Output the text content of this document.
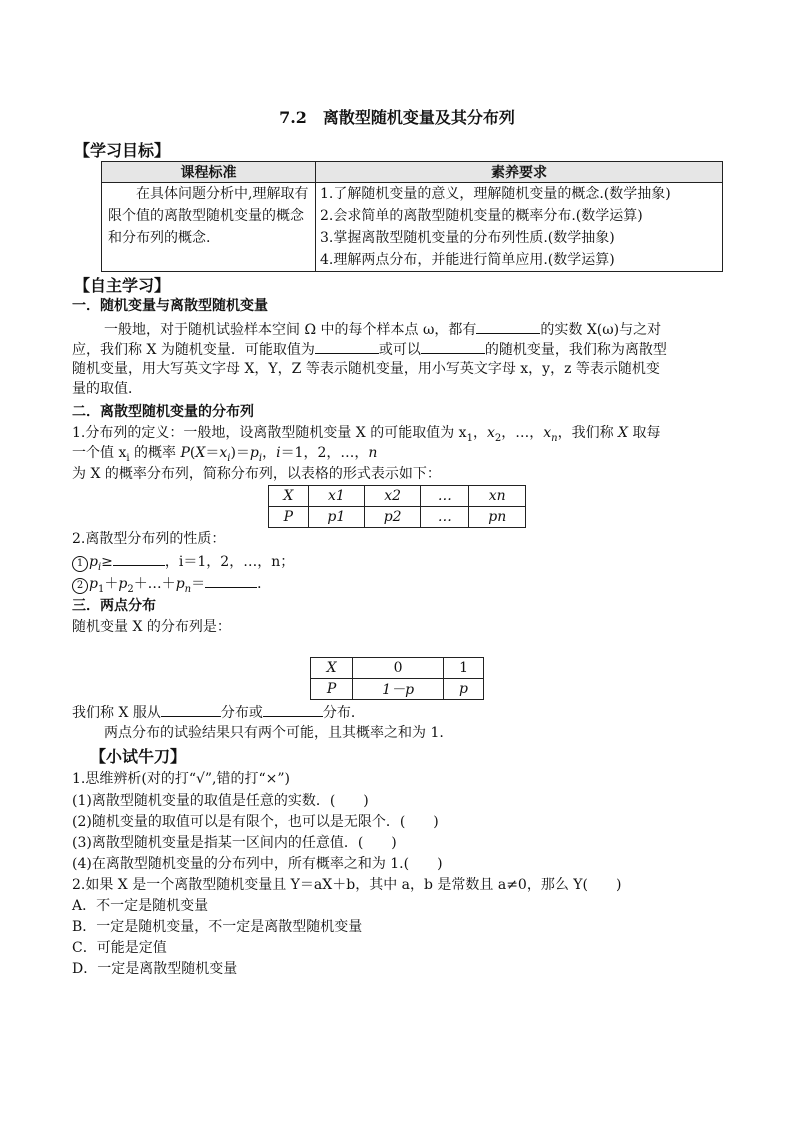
7.2　离散型随机变量及其分布列
【学习目标】
课程标准	素养要求
在具体问题分析中,理解取有限个值的离散型随机变量的概念和分布列的概念.	1.了解随机变量的意义，理解随机变量的概念.(数学抽象)
2.会求简单的离散型随机变量的概率分布.(数学运算)
3.掌握离散型随机变量的分布列性质.(数学抽象)
4.理解两点分布，并能进行简单应用.(数学运算)
【自主学习】
一．随机变量与离散型随机变量
一般地，对于随机试验样本空间 Ω 中的每个样本点 ω，都有	的实数 X(ω)与之对
应，我们称 X 为随机变量．可能取值为	或可以	的随机变量，我们称为离散型
随机变量，用大写英文字母 X，Y，Z 等表示随机变量，用小写英文字母 x，y，z 等表示随机变
量的取值．
二．离散型随机变量的分布列
1.分布列的定义：一般地，设离散型随机变量 X 的可能取值为 $x_1$，$x_2$，…，$x_n$，我们称 X 取每
一个值 $x_i$ 的概率 $P(X=x_i)=p_i$，i＝1，2，…，n
为 X 的概率分布列，简称分布列，以表格的形式表示如下：
X	x1	x2	…	xn
P	p1	p2	…	pn
2.离散型分布列的性质：
1 $p_i\ge$	，i＝1，2，…，n；
2 $p_1+p_2+\dots+p_n=$	．
三．两点分布
随机变量 X 的分布列是：
X	0	1
P	1－p	p
我们称 X 服从	分布或	分布．
两点分布的试验结果只有两个可能，且其概率之和为 1.
【小试牛刀】
1.思维辨析(对的打“√”,错的打“×”)
(1)离散型随机变量的取值是任意的实数．(　　)
(2)随机变量的取值可以是有限个，也可以是无限个．(　　)
(3)离散型随机变量是指某一区间内的任意值．(　　)
(4)在离散型随机变量的分布列中，所有概率之和为 1.(　　)
2.如果 X 是一个离散型随机变量且 Y＝aX＋b，其中 a，b 是常数且 a≠0，那么 Y(　　)
A．不一定是随机变量
B．一定是随机变量，不一定是离散型随机变量
C．可能是定值
D．一定是离散型随机变量
